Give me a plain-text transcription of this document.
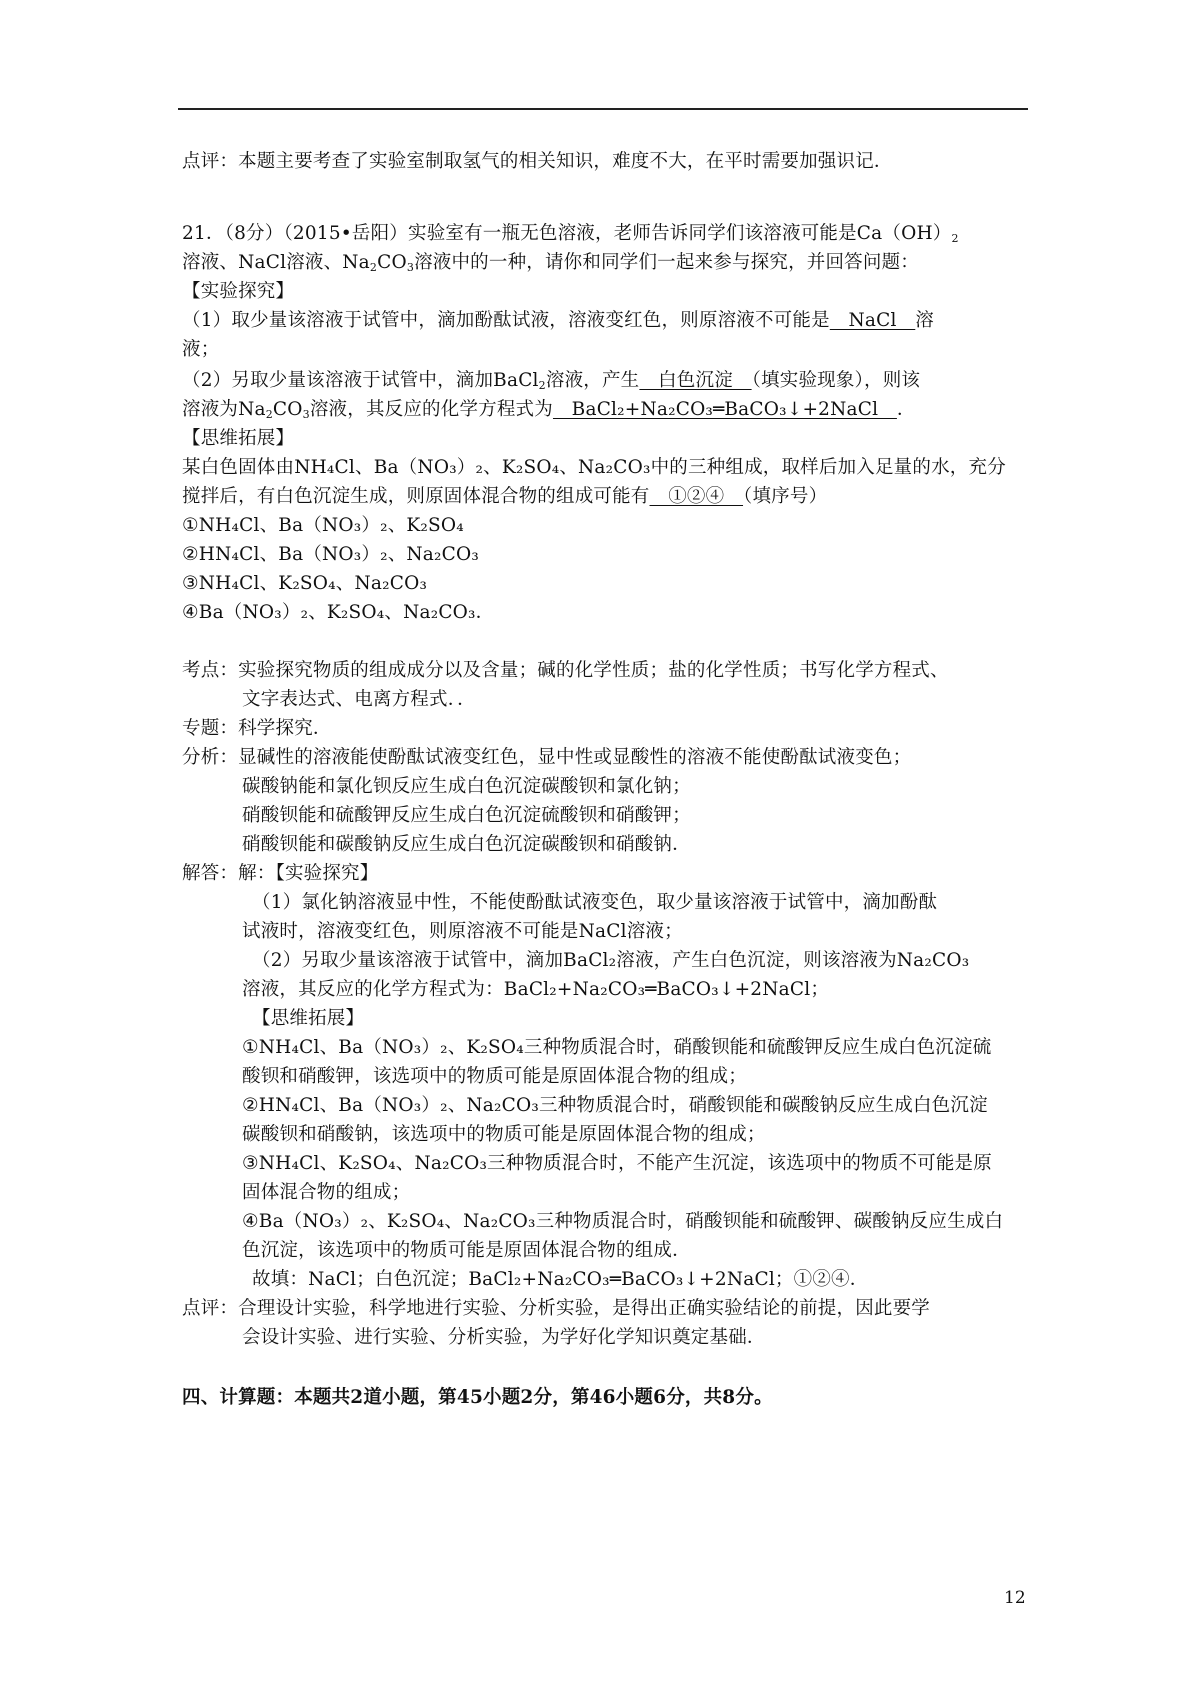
点评：本题主要考查了实验室制取氢气的相关知识，难度不大，在平时需要加强识记．
21．（8分）（2015•岳阳）实验室有一瓶无色溶液，老师告诉同学们该溶液可能是$Ca(OH)_2$
溶液、NaCl溶液、$Na_2CO_3$溶液中的一种，请你和同学们一起来参与探究，并回答问题：
【实验探究】
（1）取少量该溶液于试管中，滴加酚酞试液，溶液变红色，则原溶液不可能是　NaCl　溶
液；
（2）另取少量该溶液于试管中，滴加BaCl$_2$溶液，产生　白色沉淀　（填实验现象），则该
溶液为$Na_2CO_3$溶液，其反应的化学方程式为　BaCl₂+Na₂CO₃═BaCO₃↓+2NaCl　．
【思维拓展】
某白色固体由NH₄Cl、Ba（NO₃）₂、K₂SO₄、Na₂CO₃中的三种组成，取样后加入足量的水，充分
搅拌后，有白色沉淀生成，则原固体混合物的组成可能有　①②④　（填序号）
①NH₄Cl、Ba（NO₃）₂、K₂SO₄
②HN₄Cl、Ba（NO₃）₂、Na₂CO₃
③NH₄Cl、K₂SO₄、Na₂CO₃
④Ba（NO₃）₂、K₂SO₄、Na₂CO₃．
考点：实验探究物质的组成成分以及含量；碱的化学性质；盐的化学性质；书写化学方程式、
文字表达式、电离方程式．．
专题：科学探究．
分析：显碱性的溶液能使酚酞试液变红色，显中性或显酸性的溶液不能使酚酞试液变色；
碳酸钠能和氯化钡反应生成白色沉淀碳酸钡和氯化钠；
硝酸钡能和硫酸钾反应生成白色沉淀硫酸钡和硝酸钾；
硝酸钡能和碳酸钠反应生成白色沉淀碳酸钡和硝酸钠．
解答：解：【实验探究】
（1）氯化钠溶液显中性，不能使酚酞试液变色，取少量该溶液于试管中，滴加酚酞
试液时，溶液变红色，则原溶液不可能是NaCl溶液；
（2）另取少量该溶液于试管中，滴加BaCl₂溶液，产生白色沉淀，则该溶液为Na₂CO₃
溶液，其反应的化学方程式为：BaCl₂+Na₂CO₃═BaCO₃↓+2NaCl；
【思维拓展】
①NH₄Cl、Ba（NO₃）₂、K₂SO₄三种物质混合时，硝酸钡能和硫酸钾反应生成白色沉淀硫
酸钡和硝酸钾，该选项中的物质可能是原固体混合物的组成；
②HN₄Cl、Ba（NO₃）₂、Na₂CO₃三种物质混合时，硝酸钡能和碳酸钠反应生成白色沉淀
碳酸钡和硝酸钠，该选项中的物质可能是原固体混合物的组成；
③NH₄Cl、K₂SO₄、Na₂CO₃三种物质混合时，不能产生沉淀，该选项中的物质不可能是原
固体混合物的组成；
④Ba（NO₃）₂、K₂SO₄、Na₂CO₃三种物质混合时，硝酸钡能和硫酸钾、碳酸钠反应生成白
色沉淀，该选项中的物质可能是原固体混合物的组成．
故填：NaCl；白色沉淀；BaCl₂+Na₂CO₃═BaCO₃↓+2NaCl；①②④．
点评：合理设计实验，科学地进行实验、分析实验，是得出正确实验结论的前提，因此要学
会设计实验、进行实验、分析实验，为学好化学知识奠定基础．
四、计算题：本题共2道小题，第45小题2分，第46小题6分，共8分。
12
